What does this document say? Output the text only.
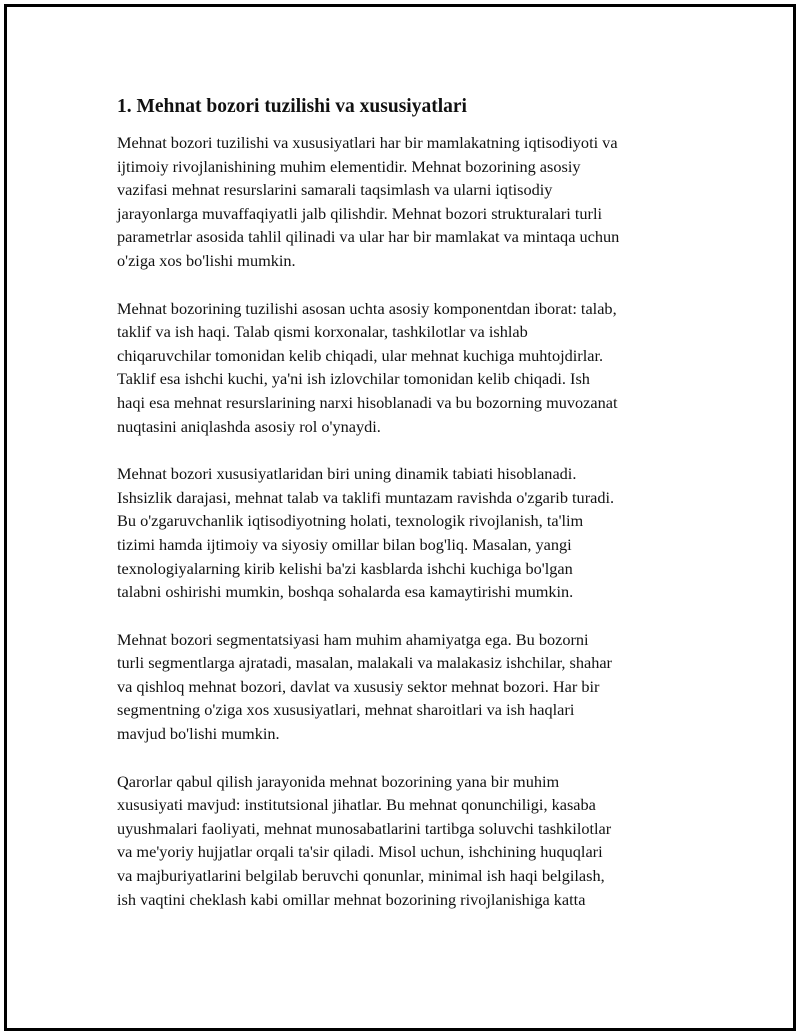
1. Mehnat bozori tuzilishi va xususiyatlari

Mehnat bozori tuzilishi va xususiyatlari har bir mamlakatning iqtisodiyoti va
ijtimoiy rivojlanishining muhim elementidir. Mehnat bozorining asosiy
vazifasi mehnat resurslarini samarali taqsimlash va ularni iqtisodiy
jarayonlarga muvaffaqiyatli jalb qilishdir. Mehnat bozori strukturalari turli
parametrlar asosida tahlil qilinadi va ular har bir mamlakat va mintaqa uchun
o'ziga xos bo'lishi mumkin.

Mehnat bozorining tuzilishi asosan uchta asosiy komponentdan iborat: talab,
taklif va ish haqi. Talab qismi korxonalar, tashkilotlar va ishlab
chiqaruvchilar tomonidan kelib chiqadi, ular mehnat kuchiga muhtojdirlar.
Taklif esa ishchi kuchi, ya'ni ish izlovchilar tomonidan kelib chiqadi. Ish
haqi esa mehnat resurslarining narxi hisoblanadi va bu bozorning muvozanat
nuqtasini aniqlashda asosiy rol o'ynaydi.

Mehnat bozori xususiyatlaridan biri uning dinamik tabiati hisoblanadi.
Ishsizlik darajasi, mehnat talab va taklifi muntazam ravishda o'zgarib turadi.
Bu o'zgaruvchanlik iqtisodiyotning holati, texnologik rivojlanish, ta'lim
tizimi hamda ijtimoiy va siyosiy omillar bilan bog'liq. Masalan, yangi
texnologiyalarning kirib kelishi ba'zi kasblarda ishchi kuchiga bo'lgan
talabni oshirishi mumkin, boshqa sohalarda esa kamaytirishi mumkin.

Mehnat bozori segmentatsiyasi ham muhim ahamiyatga ega. Bu bozorni
turli segmentlarga ajratadi, masalan, malakali va malakasiz ishchilar, shahar
va qishloq mehnat bozori, davlat va xususiy sektor mehnat bozori. Har bir
segmentning o'ziga xos xususiyatlari, mehnat sharoitlari va ish haqlari
mavjud bo'lishi mumkin.

Qarorlar qabul qilish jarayonida mehnat bozorining yana bir muhim
xususiyati mavjud: institutsional jihatlar. Bu mehnat qonunchiligi, kasaba
uyushmalari faoliyati, mehnat munosabatlarini tartibga soluvchi tashkilotlar
va me'yoriy hujjatlar orqali ta'sir qiladi. Misol uchun, ishchining huquqlari
va majburiyatlarini belgilab beruvchi qonunlar, minimal ish haqi belgilash,
ish vaqtini cheklash kabi omillar mehnat bozorining rivojlanishiga katta
